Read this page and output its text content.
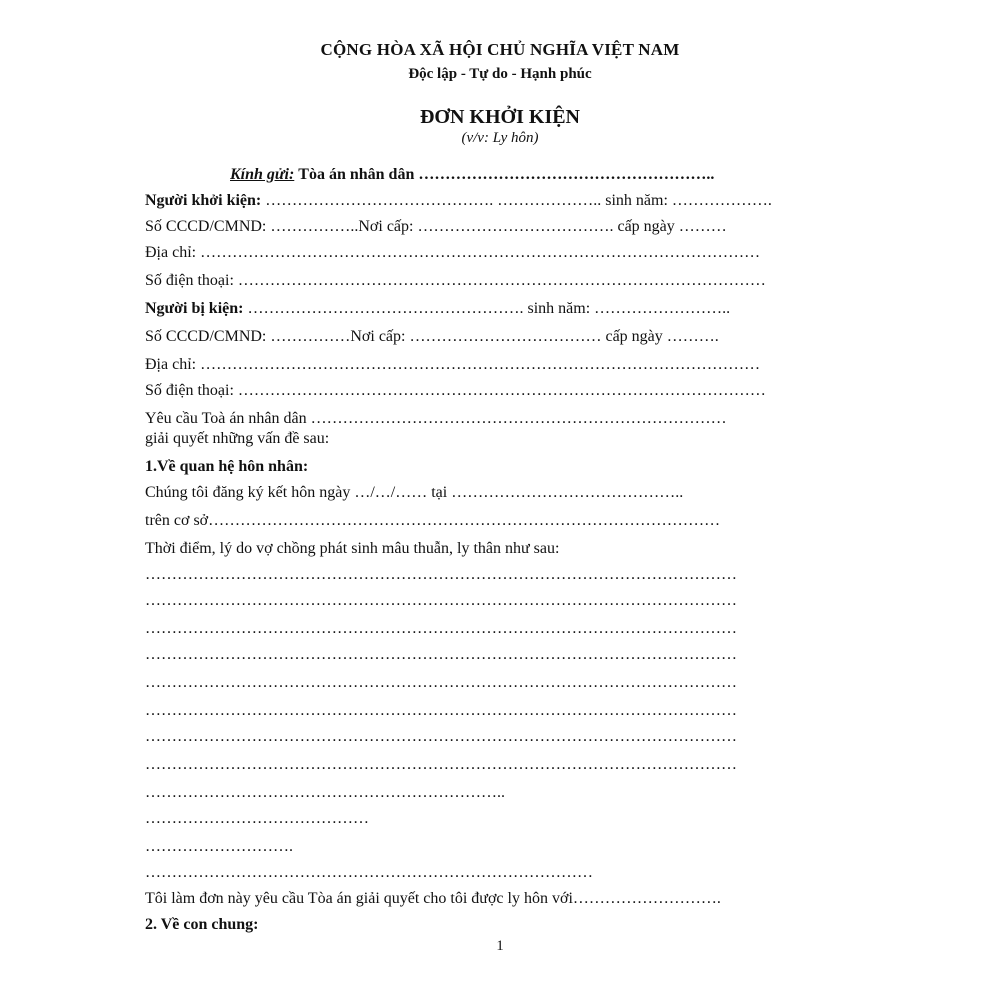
CỘNG HÒA XÃ HỘI CHỦ NGHĨA VIỆT NAM
Độc lập - Tự do - Hạnh phúc
ĐƠN KHỞI KIỆN
(v/v: Ly hôn)
Kính gửi: Tòa án nhân dân ………………………………………………..
Người khởi kiện: ……………………………………. ……………….. sinh năm: ……………….
Số CCCD/CMND: ……………..Nơi cấp: ………………………………. cấp ngày ………
Địa chỉ: ……………………………………………………………………………………………
Số điện thoại: ………………………………………………………………………………………
Người bị kiện: ……………………………………………. sinh năm: ……………………..
Số CCCD/CMND: ……………Nơi cấp: ……………………………… cấp ngày ……….
Địa chỉ: ……………………………………………………………………………………………
Số điện thoại: ………………………………………………………………………………………
Yêu cầu Toà án nhân dân ……………………………………………………………………
giải quyết những vấn đề sau:
1.Về quan hệ hôn nhân:
Chúng tôi đăng ký kết hôn ngày …/…/…… tại ……………………………………..
trên cơ sở……………………………………………………………………………………
Thời điểm, lý do vợ chồng phát sinh mâu thuẫn, ly thân như sau:
…………………………………………………………………………………………………
…………………………………………………………………………………………………
…………………………………………………………………………………………………
…………………………………………………………………………………………………
…………………………………………………………………………………………………
…………………………………………………………………………………………………
…………………………………………………………………………………………………
…………………………………………………………………………………………………
…………………………………………………………..
……………………………………
……………………….
…………………………………………………………………………
Tôi làm đơn này yêu cầu Tòa án giải quyết cho tôi được ly hôn với……………………….
2. Về con chung:
1
